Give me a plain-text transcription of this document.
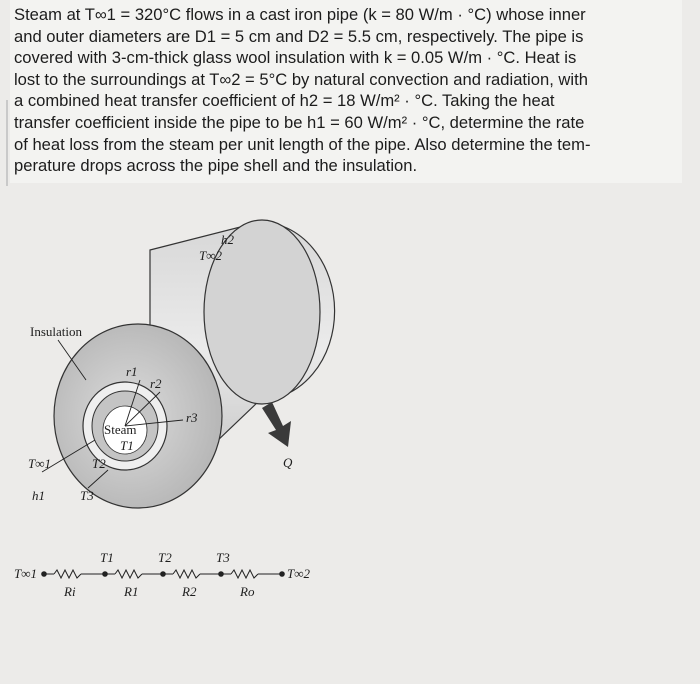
Steam at T∞1 = 320°C flows in a cast iron pipe (k = 80 W/m · °C) whose inner
and outer diameters are D1 = 5 cm and D2 = 5.5 cm, respectively. The pipe is
covered with 3-cm-thick glass wool insulation with k = 0.05 W/m · °C. Heat is
lost to the surroundings at T∞2 = 5°C by natural convection and radiation, with
a combined heat transfer coefficient of h2 = 18 W/m² · °C. Taking the heat
transfer coefficient inside the pipe to be h1 = 60 W/m² · °C, determine the rate
of heat loss from the steam per unit length of the pipe. Also determine the tem-
perature drops across the pipe shell and the insulation.
Insulation
h2
T∞2
r1
r2
r3
Steam
T1
T2
T∞1
h1	T3
Q
T∞1	T∞2
T1	T2	T3
Ri	R1	R2	Ro
